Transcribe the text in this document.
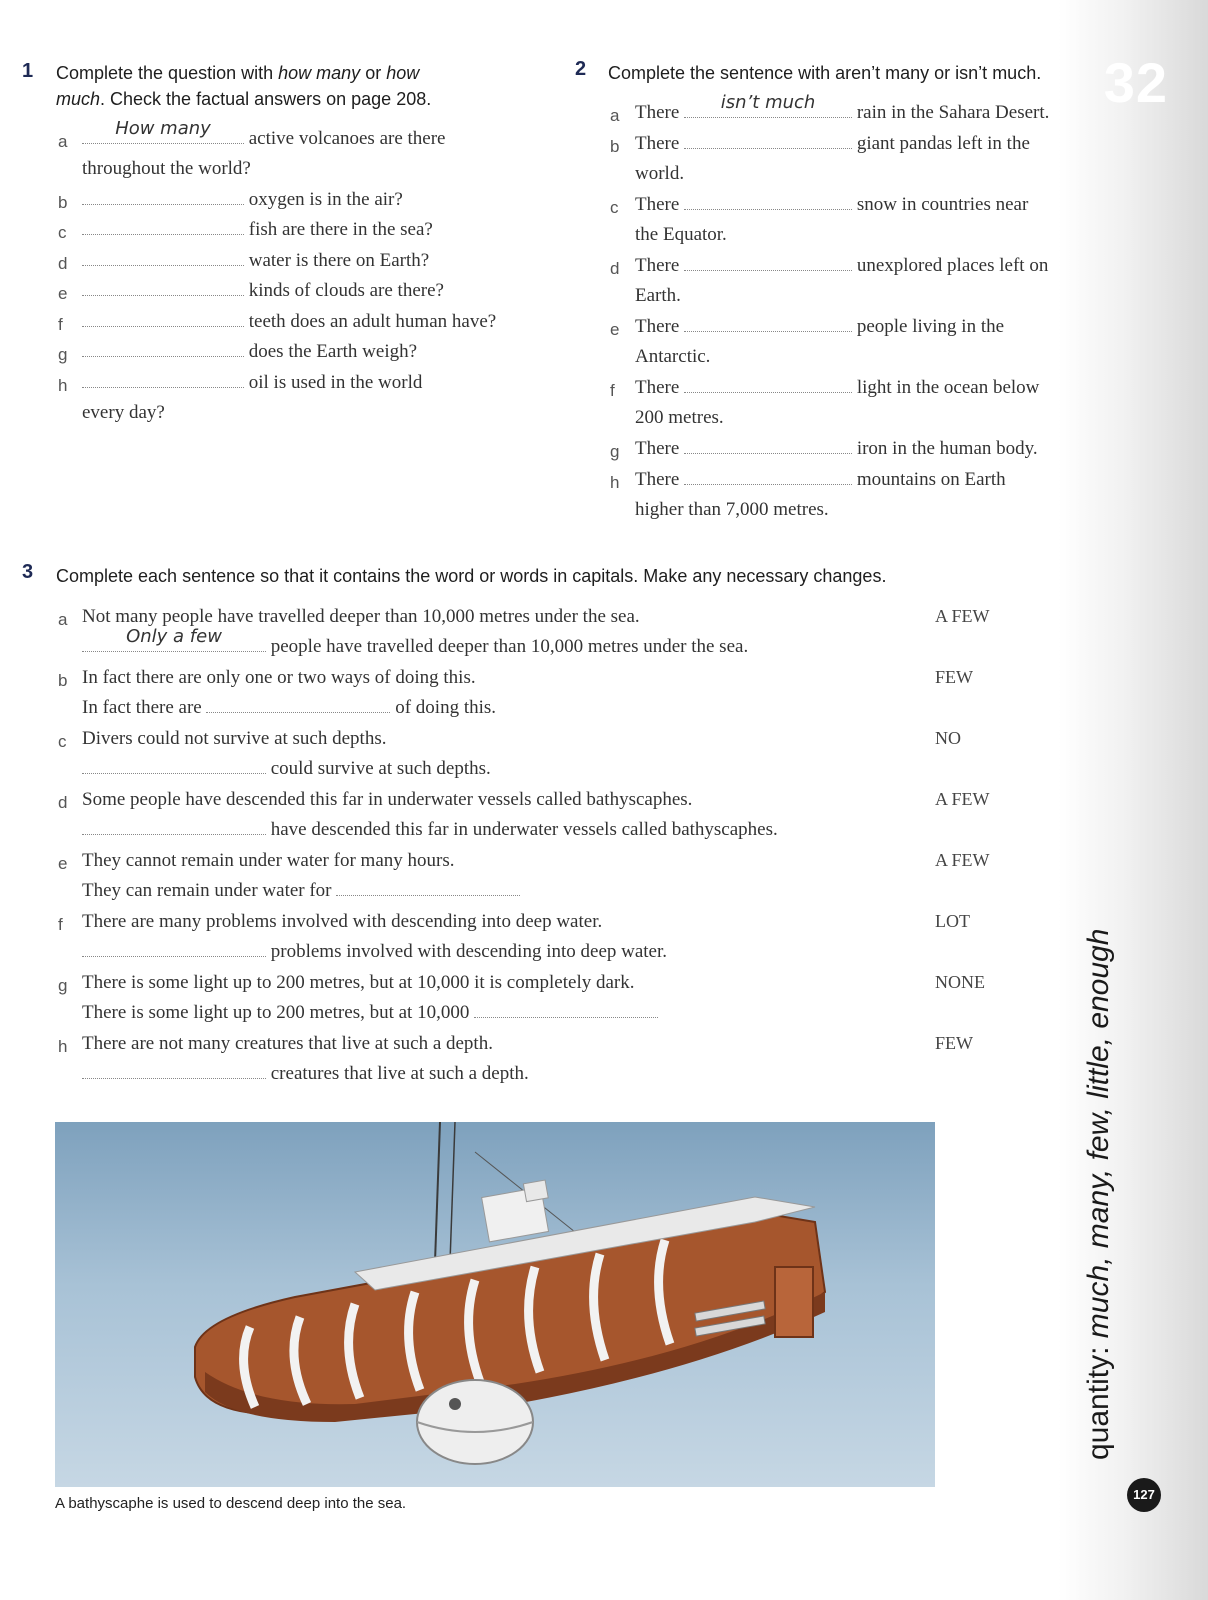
32
quantity: much, many, few, little, enough
127
1 Complete the question with how many or how
much. Check the factual answers on page 208.
a
How many	active volcanoes are there
throughout the world?
b	oxygen is in the air?
c	fish are there in the sea?
d	water is there on Earth?
e	kinds of clouds are there?
f	teeth does an adult human have?
g	does the Earth weigh?
h	oil is used in the world
every day?
2 Complete the sentence with aren’t many or isn’t much.
a There	isn’t much	rain in the Sahara Desert.
b There	giant pandas left in the
world.
c There	snow in countries near
the Equator.
d There	unexplored places left on
Earth.
e There	people living in the
Antarctic.
f There	light in the ocean below
200 metres.
g There	iron in the human body.
h There	mountains on Earth
higher than 7,000 metres.
3 Complete each sentence so that it contains the word or words in capitals. Make any necessary changes.
a Not many people have travelled deeper than 10,000 metres under the sea.	A FEW
Only a few	people have travelled deeper than 10,000 metres under the sea.
b In fact there are only one or two ways of doing this.	FEW
In fact there are	of doing this.
c Divers could not survive at such depths.	NO
could survive at such depths.
d Some people have descended this far in underwater vessels called bathyscaphes.	A FEW
have descended this far in underwater vessels called bathyscaphes.
e They cannot remain under water for many hours.	A FEW
They can remain under water for
f There are many problems involved with descending into deep water.	LOT
problems involved with descending into deep water.
g There is some light up to 200 metres, but at 10,000 it is completely dark.	NONE
There is some light up to 200 metres, but at 10,000
h There are not many creatures that live at such a depth.	FEW
creatures that live at such a depth.
A bathyscaphe is used to descend deep into the sea.
